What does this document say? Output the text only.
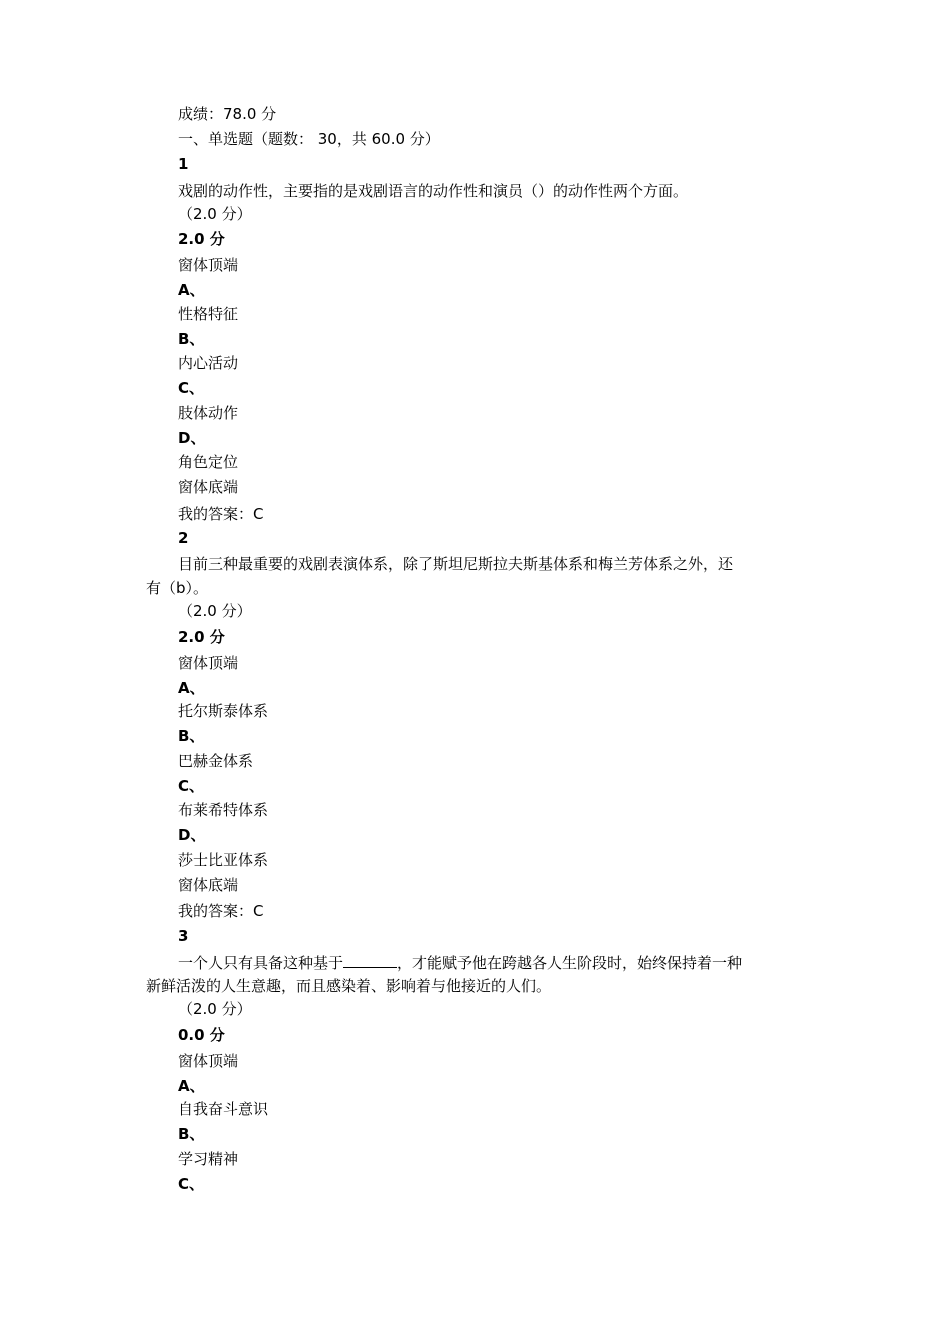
成绩：78.0 分
一、单选题（题数： 30，共 60.0 分）
1
戏剧的动作性，主要指的是戏剧语言的动作性和演员（）的动作性两个方面。
（2.0 分）
2.0 分
窗体顶端
A、
性格特征
B、
内心活动
C、
肢体动作
D、
角色定位
窗体底端
我的答案：C
2
目前三种最重要的戏剧表演体系，除了斯坦尼斯拉夫斯基体系和梅兰芳体系之外，还
有（b）。
（2.0 分）
2.0 分
窗体顶端
A、
托尔斯泰体系
B、
巴赫金体系
C、
布莱希特体系
D、
莎士比亚体系
窗体底端
我的答案：C
3
一个人只有具备这种基于	，才能赋予他在跨越各人生阶段时，始终保持着一种
新鲜活泼的人生意趣，而且感染着、影响着与他接近的人们。
（2.0 分）
0.0 分
窗体顶端
A、
自我奋斗意识
B、
学习精神
C、
